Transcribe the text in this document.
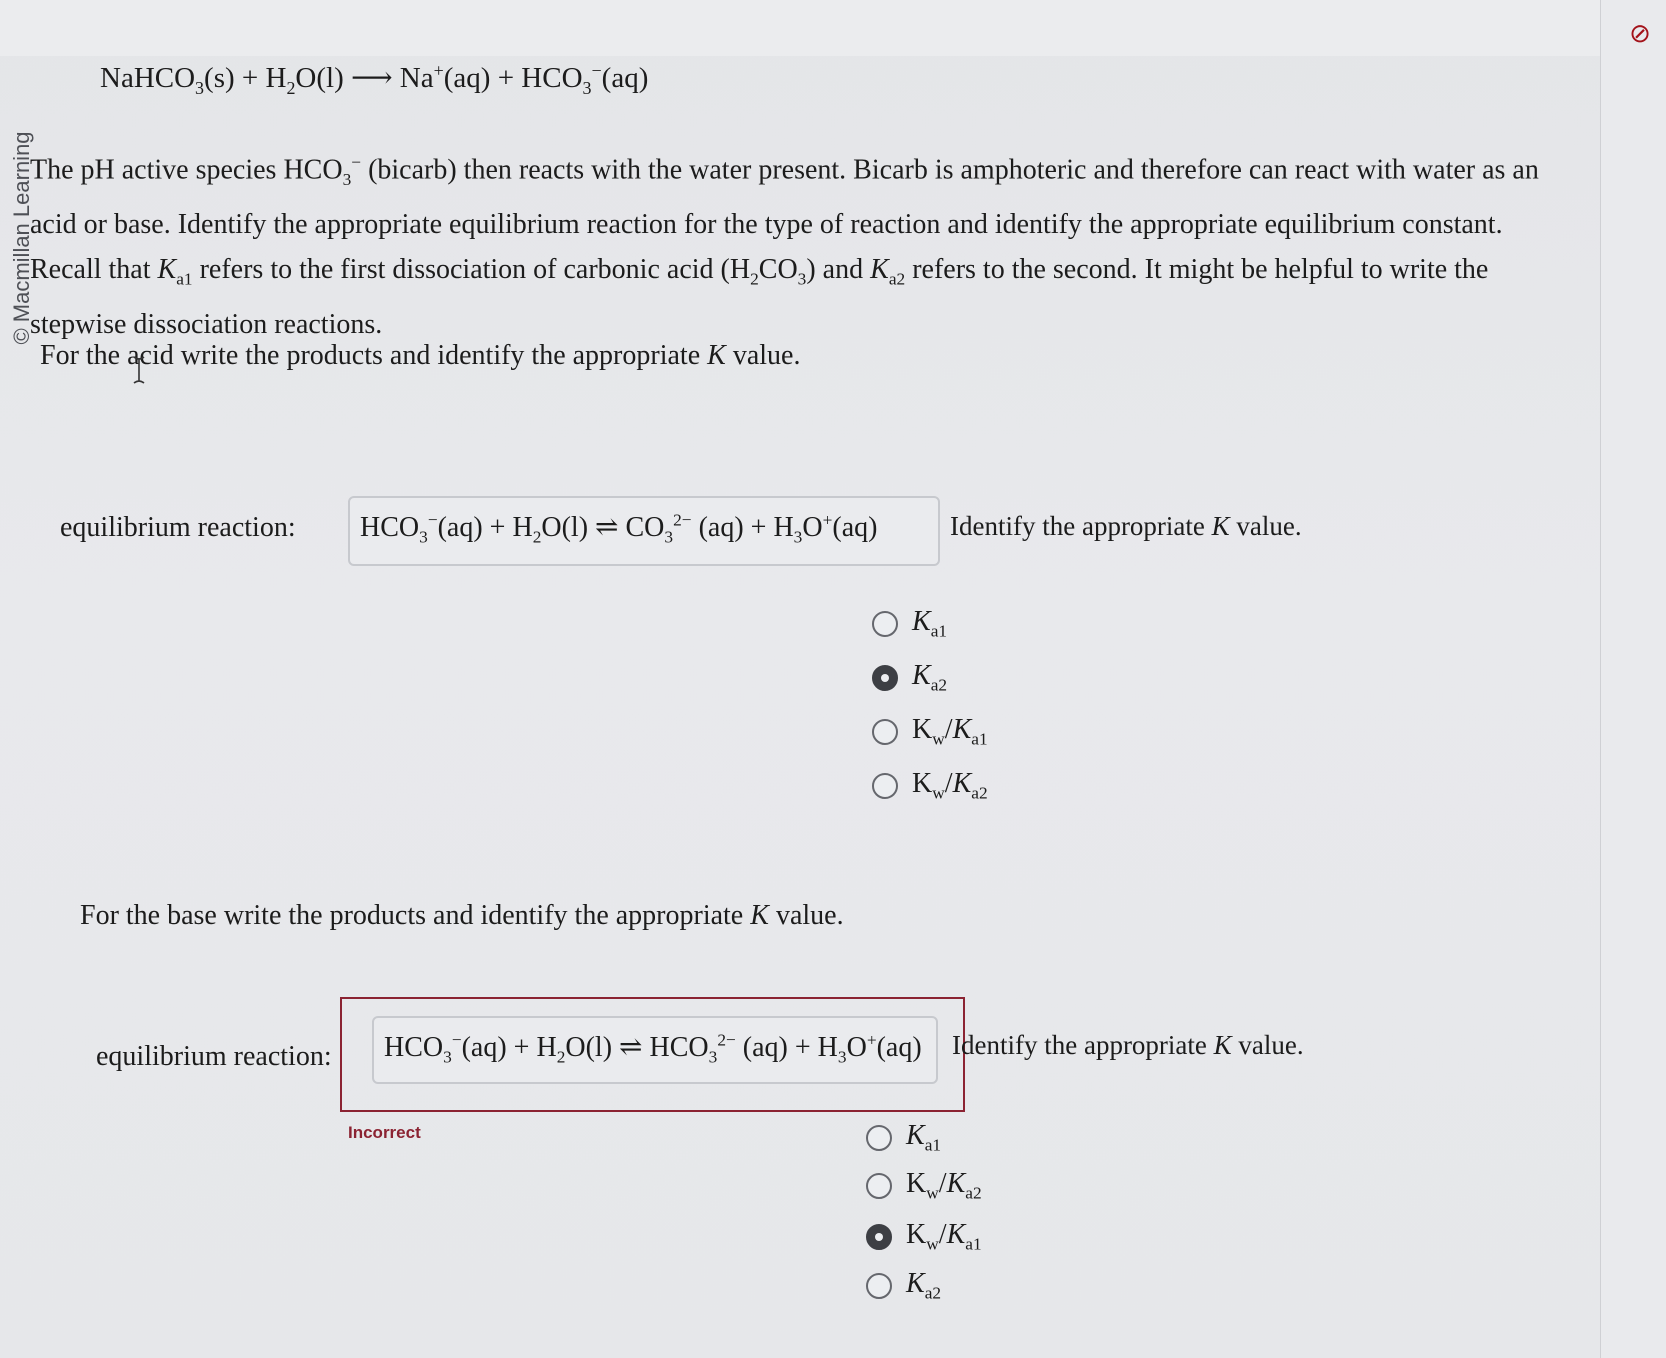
⊘
© Macmillan Learning
NaHCO$_3$(s) + $H_2O(l)$ ⟶ $Na^+(aq) + HCO_3^-(aq)$
The pH active species $HCO_3^-$ (bicarb) then reacts with the water present. Bicarb is amphoteric and therefore can react with water as an acid or base. Identify the appropriate equilibrium reaction for the type of reaction and identify the appropriate equilibrium constant. Recall that $K_{a1}$ refers to the first dissociation of carbonic acid $(H_2CO_3)$ and $K_{a2}$ refers to the second. It might be helpful to write the stepwise dissociation reactions.
For the acid write the products and identify the appropriate K value.
equilibrium reaction:	$HCO_3^-(aq) + H_2O(l)$ ⇌ $CO_3^{2-}$ $(aq) + H_3O^+(aq)$	Identify the appropriate K value.
$K_{a1}$
$K_{a2}$
$K_w/K_{a1}$
$K_w/K_{a2}$
For the base write the products and identify the appropriate K value.
equilibrium reaction:	$HCO_3^-(aq) + H_2O(l)$ ⇌ $HCO_3^{2-}$ $(aq) + H_3O^+(aq)$	Identify the appropriate K value.
Incorrect	$K_{a1}$
$K_w/K_{a2}$
$K_w/K_{a1}$
$K_{a2}$
